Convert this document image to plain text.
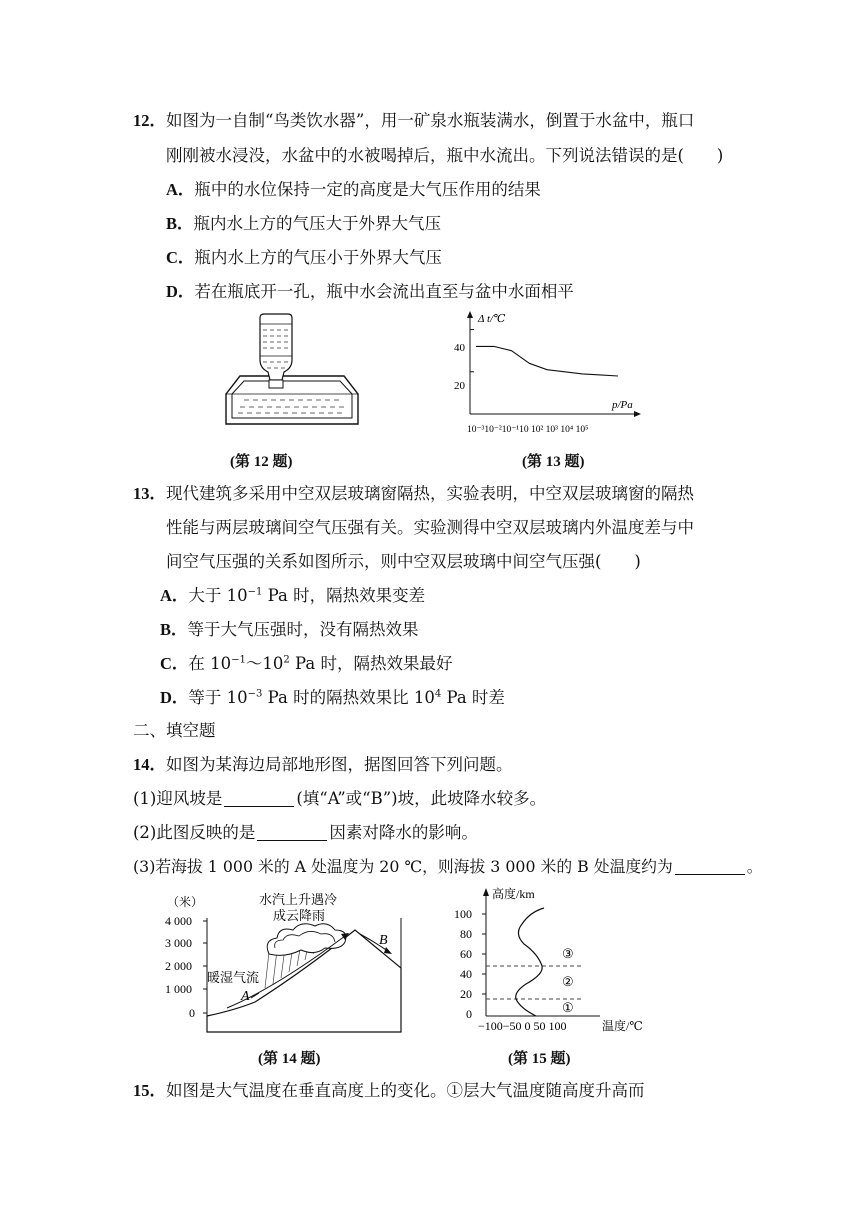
12．如图为一自制“鸟类饮水器”，用一矿泉水瓶装满水，倒置于水盆中，瓶口
刚刚被水浸没，水盆中的水被喝掉后，瓶中水流出。下列说法错误的是(　　)
A．瓶中的水位保持一定的高度是大气压作用的结果
B．瓶内水上方的气压大于外界大气压
C．瓶内水上方的气压小于外界大气压
D．若在瓶底开一孔，瓶中水会流出直至与盆中水面相平
(第 12 题)
Δ t/℃
p/Pa
40
20
10⁻³10⁻²10⁻¹10 10² 10³ 10⁴ 10⁵
(第 13 题)
13．现代建筑多采用中空双层玻璃窗隔热，实验表明，中空双层玻璃窗的隔热
性能与两层玻璃间空气压强有关。实验测得中空双层玻璃内外温度差与中
间空气压强的关系如图所示，则中空双层玻璃中间空气压强(　　)
A．大于 $10^{-1}$ Pa 时，隔热效果变差
B．等于大气压强时，没有隔热效果
C．在 $10^{-1}\sim 10^2$ Pa 时，隔热效果最好
D．等于 $10^{-3}$ Pa 时的隔热效果比 $10^4$ Pa 时差
二、填空题
14．如图为某海边局部地形图，据图回答下列问题。
(1)迎风坡是	(填“A”或“B”)坡，此坡降水较多。
(2)此图反映的是	因素对降水的影响。
(3)若海拔 1 000 米的 A 处温度为 20 ℃，则海拔 3 000 米的 B 处温度约为	。
（米）
4 000
3 000
2 000
1 000
0
水汽上升遇冷
成云降雨
暖湿气流
A
B
(第 14 题)
高度/km
温度/℃
100
80
60
40
20
0
−100−50 0 50 100
③
②
①
(第 15 题)
15．如图是大气温度在垂直高度上的变化。①层大气温度随高度升高而
